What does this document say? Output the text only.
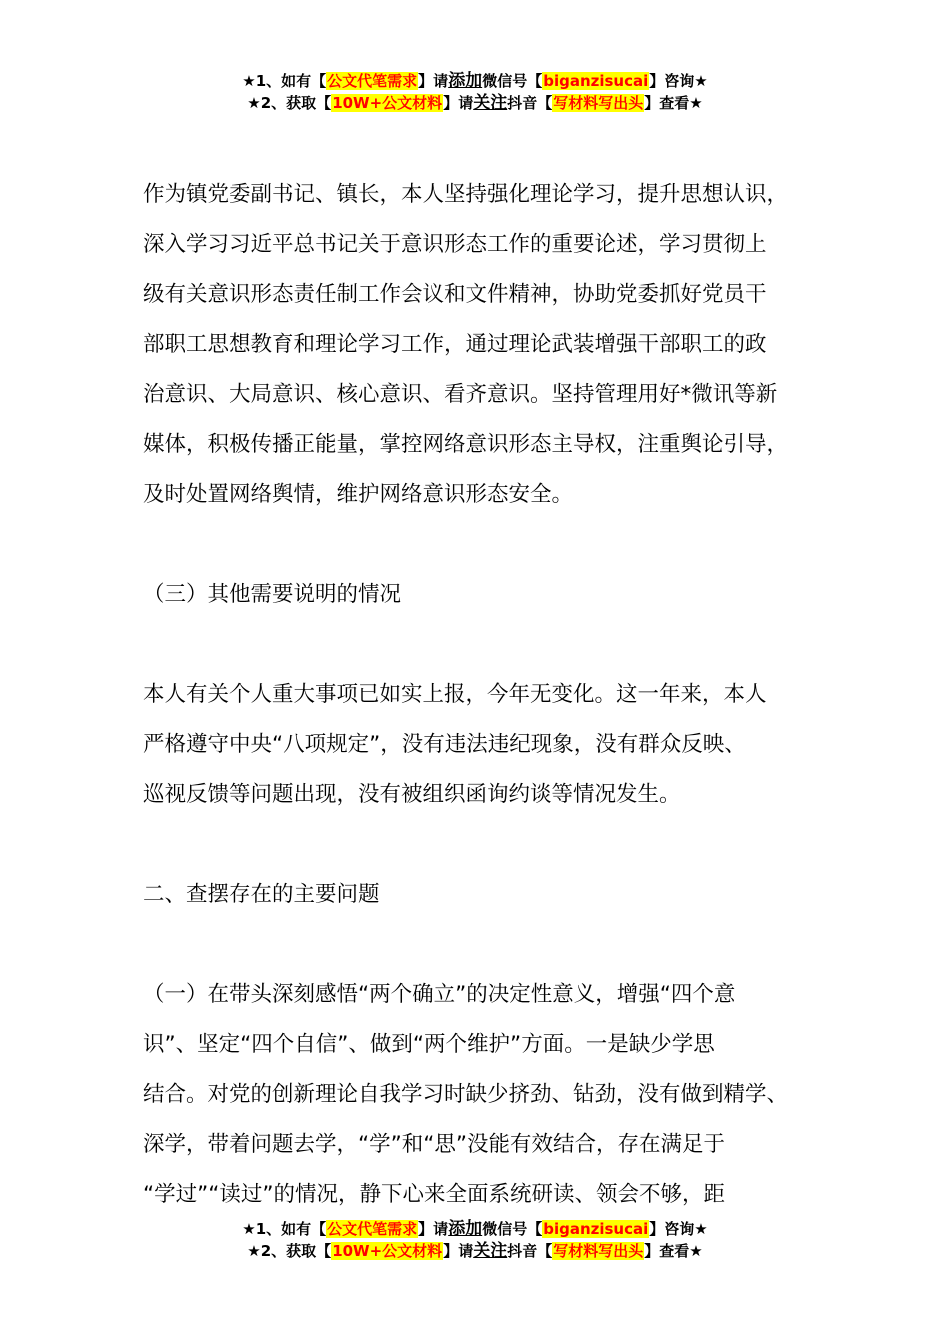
★1、如有【公文代笔需求】请添加微信号【biganzisucai】咨询★
★2、获取【10W+公文材料】请关注抖音【写材料写出头】查看★
作为镇党委副书记、镇长，本人坚持强化理论学习，提升思想认识，
深入学习习近平总书记关于意识形态工作的重要论述，学习贯彻上
级有关意识形态责任制工作会议和文件精神，协助党委抓好党员干
部职工思想教育和理论学习工作，通过理论武装增强干部职工的政
治意识、大局意识、核心意识、看齐意识。坚持管理用好*微讯等新
媒体，积极传播正能量，掌控网络意识形态主导权，注重舆论引导，
及时处置网络舆情，维护网络意识形态安全。
（三）其他需要说明的情况
本人有关个人重大事项已如实上报，今年无变化。这一年来，本人
严格遵守中央“八项规定”，没有违法违纪现象，没有群众反映、
巡视反馈等问题出现，没有被组织函询约谈等情况发生。
二、查摆存在的主要问题
（一）在带头深刻感悟“两个确立”的决定性意义，增强“四个意
识”、坚定“四个自信”、做到“两个维护”方面。一是缺少学思
结合。对党的创新理论自我学习时缺少挤劲、钻劲，没有做到精学、
深学，带着问题去学，“学”和“思”没能有效结合，存在满足于
“学过”“读过”的情况，静下心来全面系统研读、领会不够，距
★1、如有【公文代笔需求】请添加微信号【biganzisucai】咨询★
★2、获取【10W+公文材料】请关注抖音【写材料写出头】查看★
